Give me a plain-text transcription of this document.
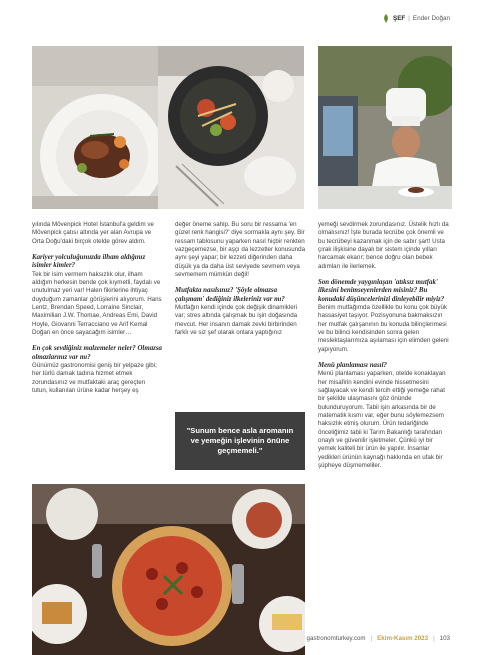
ŞEF | Ender Doğan

yılında Mövenpick Hotel İstanbul'a geldim ve Mövenpick çatısı altında yer alan Avrupa ve Orta Doğu'daki birçok otelde görev aldım.

Kariyer yolculuğunuzda ilham aldığınız isimler kimler?

Tek bir isim vermem haksızlık olur, ilham aldığım herkesin bende çok kıymetli, faydalı ve unutulmaz yeri var! Halen fikirlerine ihtiyaç duyduğum zamanlar görüşlerini alıyorum. Hans Lentz, Brendan Speed, Lorraine Sinclair, Maximilian J.W. Thomae, Andreas Emi, David Hoyle, Giovanni Terracciano ve Arif Kemal Doğan en önce sayacağım isimler…

En çok sevdiğiniz malzemeler neler? Olmazsa olmazlarınız var mı?

Günümüz gastronomisi geniş bir yelpaze gibi; her türlü damak tadına hizmet etmek zorundasınız ve mutfaktaki araç gereçten tutun, kullanılan ürüne kadar herşey eş

değer öneme sahip. Bu soru bir ressama 'en güzel renk hangisi?' diye sormakla aynı şey. Bir ressam tablosunu yaparken nasıl hiçbir renkten vazgeçemezse, bir aşçı da lezzetler konusunda aynı şeyi yapar; bir lezzeti diğerinden daha düşük ya da daha üst seviyede sevmem veya sevmemem mümkün değil!

Mutfakta nasılsınız? 'Şöyle olmazsa çalışmam' dediğiniz ilkeleriniz var mı?

Mutfağın kendi içinde çok değişik dinamikleri var; stres altında çalışmak bu işin doğasında mevcut. Her insanın damak zevki birbirinden farklı ve siz şef olarak onlara yaptığınız

"Sunum bence asla aromanın ve yemeğin işlevinin önüne geçmemeli."

yemeği sevdirmek zorundasınız. Üstelik hızlı da olmalısınız! İşte burada tecrübe çok önemli ve bu tecrübeyi kazanmak için de sabır şart! Usta çırak ilişkisine dayalı bir sistem içinde yılları harcamak ekarır; bence doğru olan bebek adımları ile ilerlemek.

Son dönemde yaygınlaşan 'atıksız mutfak' ilkesini benimseyenlerden misiniz? Bu konudaki düşüncelerinizi dinleyebilir miyiz?

Benim mutfağımda özellikle bu konu çok büyük hassasiyet taşıyor. Pozisyonuna bakmaksızın her mutfak çalışanının bu konuda bilinçlenmesi ve bu bilinci kendisinden sonra gelen meslektaşlarımıza aşılaması için elimden geleni yapıyorum.

Menü planlaması nasıl?

Menü planlaması yaparken, otelde konaklayan her misafirin kendini evinde hissetmesini sağlayacak ve kendi tercih ettiği yemeğe rahat bir şekilde ulaşmasını göz önünde bulunduruyorum. Tabii işin arkasında bir de matematik kısmı var, eğer bunu söylemezsem haksızlık etmiş olurum. Ürün tedariğinde önceliğimiz tabii ki Tarım Bakanlığı tarafından onaylı ve güvenilir işletmeler. Çünkü iyi bir yemek kaliteli bir ürün ile yapılır. İnsanlar yedikleri ürünün kaynağı hakkında en ufak bir şüpheye düşmemeliler.

gastronomturkey.com | Ekim-Kasım 2023 | 103
